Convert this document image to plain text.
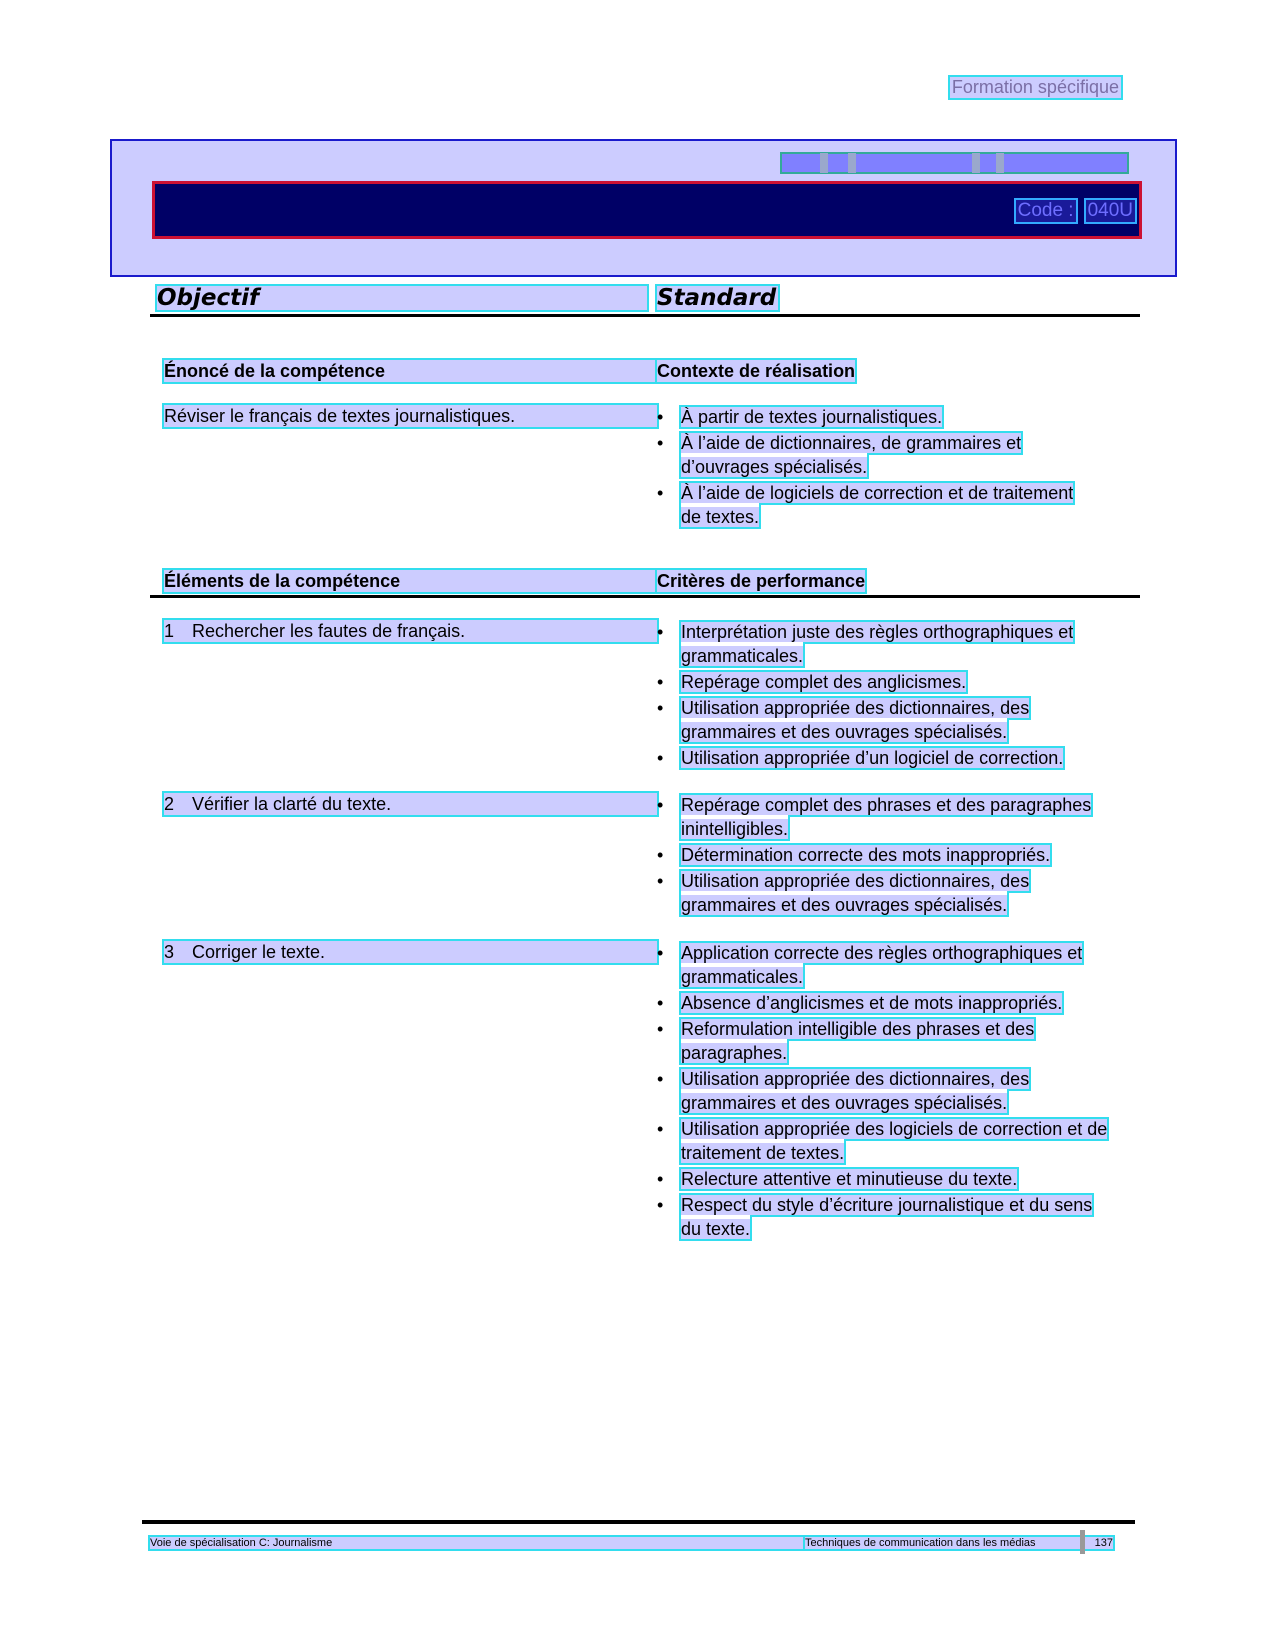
Formation spécifique
Code : 040U
Objectif	Standard
Énoncé de la compétence	Contexte de réalisation
Réviser le français de textes journalistiques.	• À partir de textes journalistiques.
• À l’aide de dictionnaires, de grammaires et d’ouvrages spécialisés.
• À l’aide de logiciels de correction et de traitement de textes.
Éléments de la compétence	Critères de performance
1 Rechercher les fautes de français.	• Interprétation juste des règles orthographiques et grammaticales.
• Repérage complet des anglicismes.
• Utilisation appropriée des dictionnaires, des grammaires et des ouvrages spécialisés.
• Utilisation appropriée d’un logiciel de correction.
2 Vérifier la clarté du texte.	• Repérage complet des phrases et des paragraphes inintelligibles.
• Détermination correcte des mots inappropriés.
• Utilisation appropriée des dictionnaires, des grammaires et des ouvrages spécialisés.
3 Corriger le texte.	• Application correcte des règles orthographiques et grammaticales.
• Absence d’anglicismes et de mots inappropriés.
• Reformulation intelligible des phrases et des paragraphes.
• Utilisation appropriée des dictionnaires, des grammaires et des ouvrages spécialisés.
• Utilisation appropriée des logiciels de correction et de traitement de textes.
• Relecture attentive et minutieuse du texte.
• Respect du style d’écriture journalistique et du sens du texte.
Voie de spécialisation C: Journalisme	Techniques de communication dans les médias	137
